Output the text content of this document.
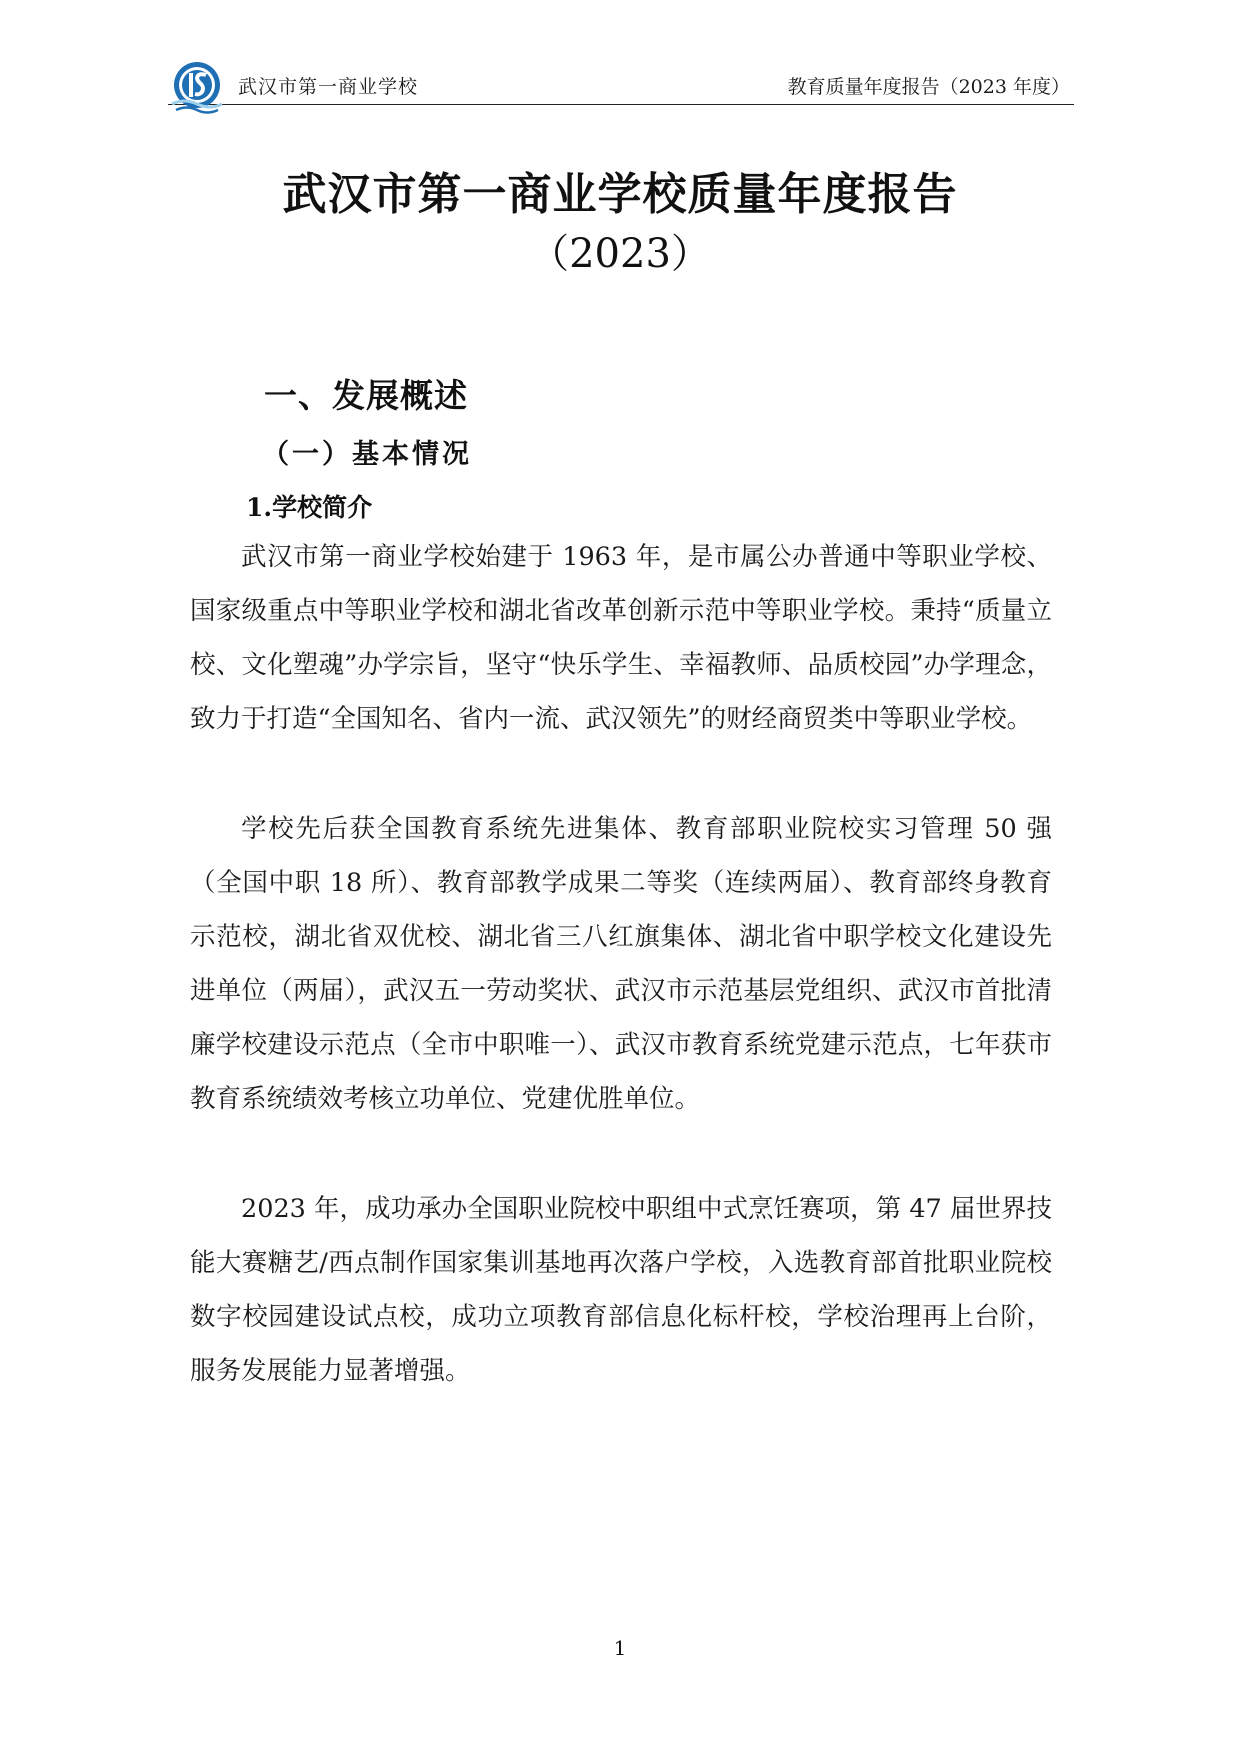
武汉市第一商业学校	教育质量年度报告（2023 年度）
武汉市第一商业学校质量年度报告
（2023）
一、发展概述
（一）基本情况
1.学校简介

武汉市第一商业学校始建于 1963 年，是市属公办普通中等职业学校、国家级重点中等职业学校和湖北省改革创新示范中等职业学校。秉持“质量立校、文化塑魂”办学宗旨，坚守“快乐学生、幸福教师、品质校园”办学理念，致力于打造“全国知名、省内一流、武汉领先”的财经商贸类中等职业学校。

学校先后获全国教育系统先进集体、教育部职业院校实习管理 50 强（全国中职 18 所）、教育部教学成果二等奖（连续两届）、教育部终身教育示范校，湖北省双优校、湖北省三八红旗集体、湖北省中职学校文化建设先进单位（两届），武汉五一劳动奖状、武汉市示范基层党组织、武汉市首批清廉学校建设示范点（全市中职唯一）、武汉市教育系统党建示范点，七年获市教育系统绩效考核立功单位、党建优胜单位。

2023 年，成功承办全国职业院校中职组中式烹饪赛项，第 47 届世界技能大赛糖艺/西点制作国家集训基地再次落户学校，入选教育部首批职业院校数字校园建设试点校，成功立项教育部信息化标杆校，学校治理再上台阶，服务发展能力显著增强。

1
